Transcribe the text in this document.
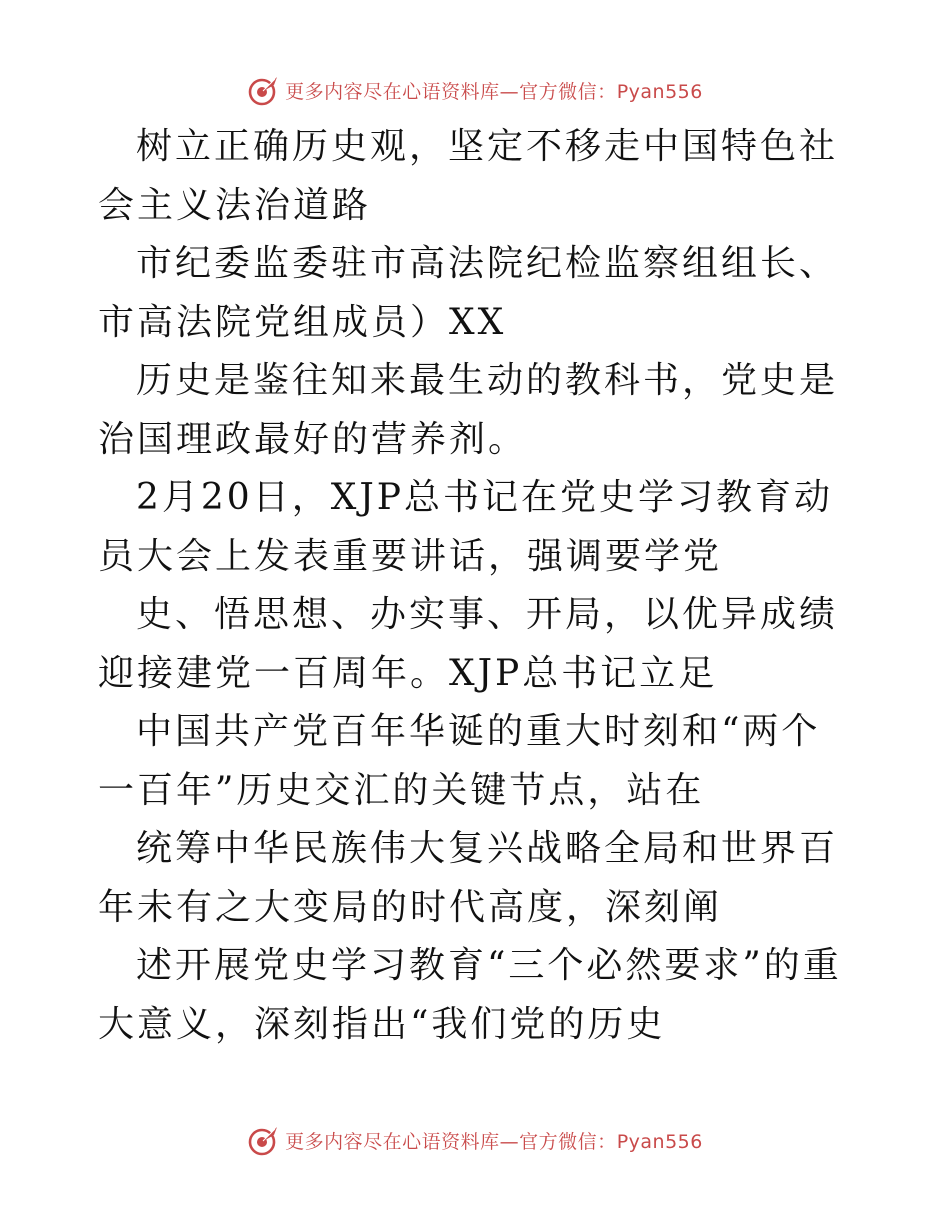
更多内容尽在心语资料库—官方微信：Pyan556

树立正确历史观，坚定不移走中国特色社会主义法治道路

市纪委监委驻市高法院纪检监察组组长、市高法院党组成员）XX

历史是鉴往知来最生动的教科书，党史是治国理政最好的营养剂。

2月20日，XJP总书记在党史学习教育动员大会上发表重要讲话，强调要学党

史、悟思想、办实事、开局，以优异成绩迎接建党一百周年。XJP总书记立足

中国共产党百年华诞的重大时刻和“两个一百年”历史交汇的关键节点，站在

统筹中华民族伟大复兴战略全局和世界百年未有之大变局的时代高度，深刻阐

述开展党史学习教育“三个必然要求”的重大意义，深刻指出“我们党的历史

更多内容尽在心语资料库—官方微信：Pyan556
